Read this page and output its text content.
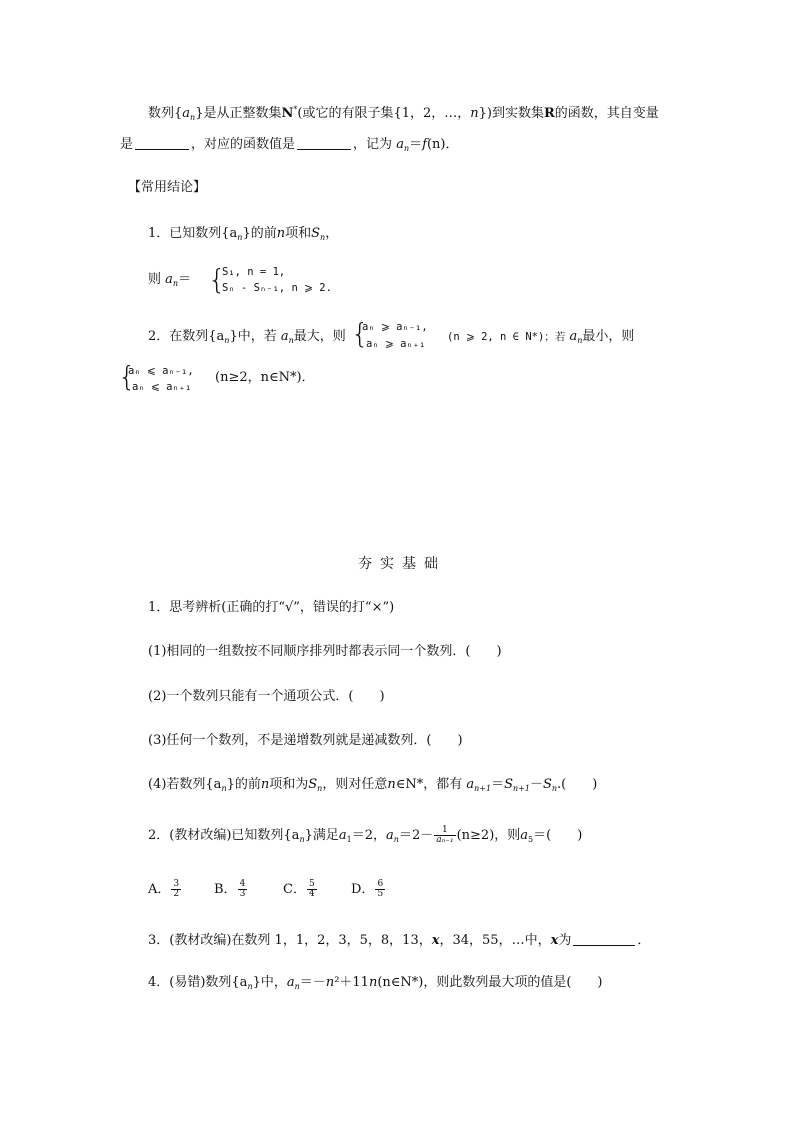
数列$\{a_n\}$是从正整数集N*(或它的有限子集{1，2，…，n})到实数集R的函数，其自变量
是	，对应的函数值是	，记为 $a_n=f(n)$．
【常用结论】
1．已知数列$\{a_n\}$的前n项和$S_n$，
则 $a_n=$ {
S₁, n = 1,
Sₙ - Sₙ₋₁, n ⩾ 2.
2．在数列$\{a_n\}$中，若 $a_n$最大，则 {
aₙ ⩾ aₙ₋₁,
aₙ ⩾ aₙ₊₁
(n ⩾ 2, n ∈ N*)；若 $a_n$最小，则
{
aₙ ⩽ aₙ₋₁,
aₙ ⩽ aₙ₊₁
(n≥2，n∈N*)．
夯实基础
1．思考辨析(正确的打“√”，错误的打“×”)
(1)相同的一组数按不同顺序排列时都表示同一个数列．(　　)
(2)一个数列只能有一个通项公式．(　　)
(3)任何一个数列，不是递增数列就是递减数列．(　　)
(4)若数列$\{a_n\}$的前n项和为$S_n$，则对任意n∈N*，都有 $a_{n+1}=S_{n+1}-S_n$.(　　)
2．(教材改编)已知数列$\{a_n\}$满足$a_1=2$，$a_n=2- \frac{1}{\text{aₙ₋₁}} (n\ge 2)$，则$a_5=$(　　)
A． $\frac{3}{2}$	B． $\frac{4}{3}$	C． $\frac{5}{4}$	D． $\frac{6}{5}$
3．(教材改编)在数列 1，1，2，3，5，8，13，x，34，55，…中，x为	．
4．(易错)数列$\{a_n\}$中，$a_n=-n^2+11n(n\in N*)$，则此数列最大项的值是(　　)
